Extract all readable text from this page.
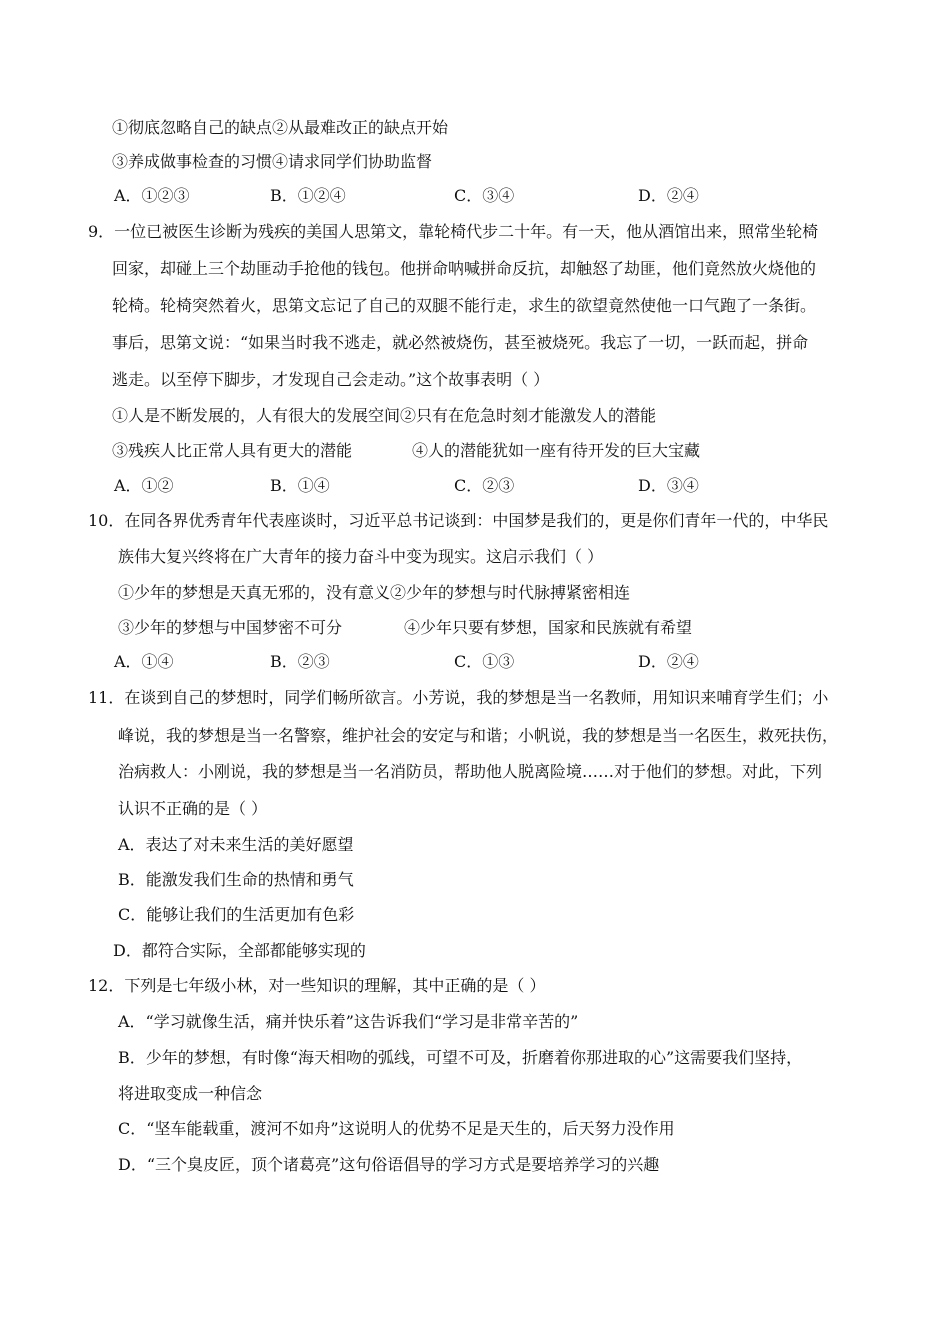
①彻底忽略自己的缺点②从最难改正的缺点开始
③养成做事检查的习惯④请求同学们协助监督
A．①②③	B．①②④	C．③④	D．②④
9．一位已被医生诊断为残疾的美国人思第文，靠轮椅代步二十年。有一天，他从酒馆出来，照常坐轮椅
回家，却碰上三个劫匪动手抢他的钱包。他拼命呐喊拼命反抗，却触怒了劫匪，他们竟然放火烧他的
轮椅。轮椅突然着火，思第文忘记了自己的双腿不能行走，求生的欲望竟然使他一口气跑了一条街。
事后，思第文说：“如果当时我不逃走，就必然被烧伤，甚至被烧死。我忘了一切，一跃而起，拼命
逃走。以至停下脚步，才发现自己会走动。”这个故事表明（ ）
①人是不断发展的，人有很大的发展空间②只有在危急时刻才能激发人的潜能
③残疾人比正常人具有更大的潜能	④人的潜能犹如一座有待开发的巨大宝藏
A．①②	B．①④	C．②③	D．③④
10．在同各界优秀青年代表座谈时，习近平总书记谈到：中国梦是我们的，更是你们青年一代的，中华民
族伟大复兴终将在广大青年的接力奋斗中变为现实。这启示我们（ ）
①少年的梦想是天真无邪的，没有意义②少年的梦想与时代脉搏紧密相连
③少年的梦想与中国梦密不可分	④少年只要有梦想，国家和民族就有希望
A．①④	B．②③	C．①③	D．②④
11．在谈到自己的梦想时，同学们畅所欲言。小芳说，我的梦想是当一名教师，用知识来哺育学生们；小
峰说，我的梦想是当一名警察，维护社会的安定与和谐；小帆说，我的梦想是当一名医生，救死扶伤，
治病救人：小刚说，我的梦想是当一名消防员，帮助他人脱离险境……对于他们的梦想。对此，下列
认识不正确的是（ ）
A．表达了对未来生活的美好愿望
B．能激发我们生命的热情和勇气
C．能够让我们的生活更加有色彩
D．都符合实际，全部都能够实现的
12．下列是七年级小林，对一些知识的理解，其中正确的是（ ）
A．“学习就像生活，痛并快乐着”这告诉我们“学习是非常辛苦的”
B．少年的梦想，有时像“海天相吻的弧线，可望不可及，折磨着你那进取的心”这需要我们坚持，
将进取变成一种信念
C．“坚车能载重，渡河不如舟”这说明人的优势不足是天生的，后天努力没作用
D．“三个臭皮匠，顶个诸葛亮”这句俗语倡导的学习方式是要培养学习的兴趣
